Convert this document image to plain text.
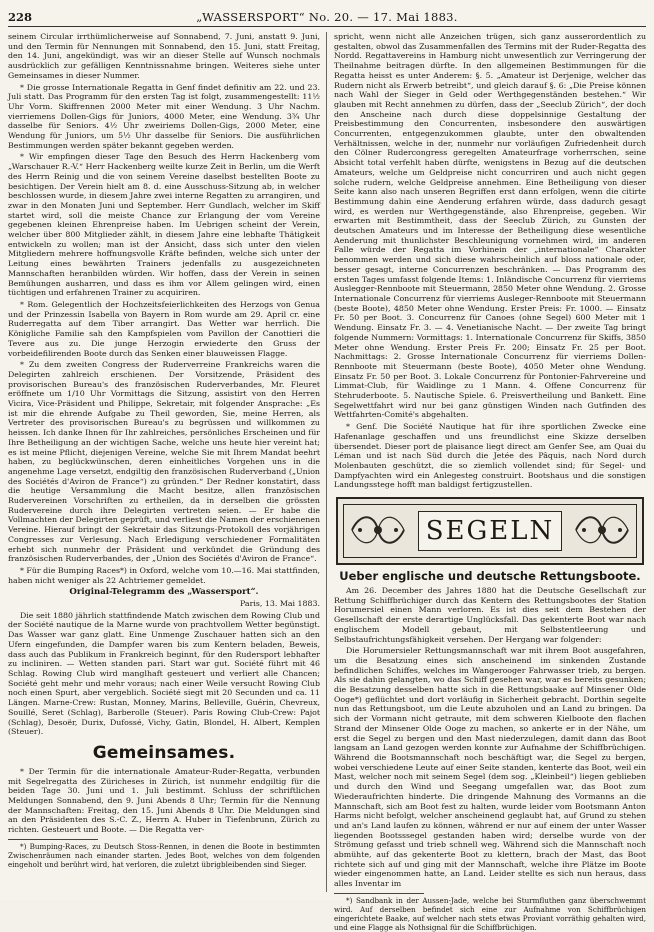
228	„WASSERSPORT“ No. 20. — 17. Mai 1883.

seinem Circular irrthümlicherweise auf Sonnabend, 7. Juni, anstatt 9. Juni, und den Termin für Nennungen mit Sonnabend, den 15. Juni, statt Freitag, den 14. Juni, angekündigt, was wir an dieser Stelle auf Wunsch nochmals ausdrücklich zur gefälligen Kenntnissnahme bringen. Weiteres siehe unter Gemeinsames in dieser Nummer.

* Die grosse Internationale Regatta in Genf findet definitiv am 22. und 23. Juli statt. Das Programm für den ersten Tag ist folgt, zusammengestellt: 11½ Uhr Vorm. Skiffrennen 2000 Meter mit einer Wendung. 3 Uhr Nachm. vierriemens Dollen-Gigs für Juniors, 4000 Meter, eine Wendung. 3¾ Uhr dasselbe für Seniors. 4½ Uhr zweiriems Dollen-Gigs, 2000 Meter, eine Wendung für Juniors, um 5½ Uhr dasselbe für Seniors. Die ausführlichen Bestimmungen werden später bekannt gegeben werden.

* Wir empfingen dieser Tage den Besuch des Herrn Hackenberg vom „Warschauer R.-V.“ Herr Hackenberg weilte kurze Zeit in Berlin, um die Werft des Herrn Reinig und die von seinem Vereine daselbst bestellten Boote zu besichtigen. Der Verein hielt am 8. d. eine Ausschuss-Sitzung ab, in welcher beschlossen wurde, in diesem Jahre zwei interne Regatten zu arrangiren, und zwar in den Monaten Juni und September. Herr Gundlach, welcher im Skiff startet wird, soll die meiste Chance zur Erlangung der vom Vereine gegebenen kleinen Ehrenpreise haben. Im Uebrigen scheint der Verein, welcher über 800 Mitglieder zählt, in diesem Jahre eine lebhafte Thätigkeit entwickeln zu wollen; man ist der Ansicht, dass sich unter den vielen Mitgliedern mehrere hoffnungsvolle Kräfte befinden, welche sich unter der Leitung eines bewährten Trainers jedenfalls zu ausgezeichneten Mannschaften heranbilden würden. Wir hoffen, dass der Verein in seinen Bemühungen ausharren, und dass es ihm vor Allem gelingen wird, einen tüchtigen und erfahrenen Trainer zu acquiriren.

* Rom. Gelegentlich der Hochzeitsfeierlichkeiten des Herzogs von Genua und der Prinzessin Isabella von Bayern in Rom wurde am 29. April cr. eine Ruderregatta auf dem Tiber arrangirt. Das Wetter war herrlich. Die Königliche Familie sah den Kampfspielen vom Pavillon der Canottieri die Tevere aus zu. Die junge Herzogin erwiederte den Gruss der vorbeidefilirenden Boote durch das Senken einer blauweissen Flagge.

* Zu dem zweiten Congress der Ruderverreine Frankreichs waren die Delegirten zahlreich erschienen. Der Vorsitzende, Präsident des provisorischen Bureau's des französischen Ruderverbandes, Mr. Fleuret eröffnete um 1/10 Uhr Vormittags die Sitzung, assistirt von den Herren Vicira, Vice-Präsident und Philippe, Sekretair, mit folgender Ansprache: „Es ist mir die ehrende Aufgabe zu Theil geworden, Sie, meine Herren, als Vertreter des provisorischen Bureau's zu begrüssen und willkommen zu heissen. Ich danke Ihnen für Ihr zahlreiches, persönliches Erscheinen und für Ihre Betheiligung an der wichtigen Sache, welche uns heute hier vereint hat; es ist meine Pflicht, diejenigen Vereine, welche Sie mit Ihrem Mandat beehrt haben, zu beglückwünschen, deren einheitliches Vorgehen uns in die angenehme Lage versetzt, endgiltig den französischen Ruderverband („Union des Sociétés d'Aviron de France“) zu gründen.“ Der Redner konstatirt, dass die heutige Versammlung die Macht besitze, allen französischen Rudervereinen Vorschriften zu ertheilen, da in derselben die grössten Rudervereine durch ihre Delegirten vertreten seien. — Er habe die Vollmachten der Delegirten geprüft, und verliest die Namen der erschienenen Vereine. Hierauf bringt der Sekretair das Sitzungs-Protokoll des vorjährigen Congresses zur Verlesung. Nach Erledigung verschiedener Formalitäten erhebt sich nunmehr der Präsident und verkündet die Gründung des französischen Ruderverbandes, der „Union des Sociétés d'Aviron de France“.

* Für die Bumping Races*) in Oxford, welche vom 10.—16. Mai stattfinden, haben nicht weniger als 22 Achtriemer gemeldet.

Original-Telegramm des „Wassersport“.

Paris, 13. Mai 1883.

Die seit 1880 jährlich stattfindende Match zwischen dem Rowing Club und der Société nautique de la Marne wurde von prachtvollem Wetter begünstigt. Das Wasser war ganz glatt. Eine Unmenge Zuschauer hatten sich an den Ufern eingefunden, die Dampfer waren bis zum Kentern beladen, Beweis, dass auch das Publikum in Frankreich beginnt, für den Rudersport lebhafter zu incliniren. — Wetten standen pari. Start war gut. Société führt mit 46 Schlag. Rowing Club wird manglhaft gesteuert und verliert alle Chancen; Société geht mehr und mehr voraus; nach einer Weile versucht Rowing Club noch einen Spurt, aber vergeblich. Société siegt mit 20 Secunden und ca. 11 Längen. Marne-Crew: Rustan, Monney, Marins, Belleville, Guérin, Chevreux, Souillé, Seret (Schlag), Barberolle (Steuer). Paris Rowing Club-Crew: Pajot (Schlag), Desoër, Durix, Dufossé, Vichy, Gatin, Blondel, H. Albert, Kemplen (Steuer).

Gemeinsames.

* Der Termin für die internationale Amateur-Ruder-Regatta, verbunden mit Segelregatta des Züricheses in Zürich, ist nunmehr endgiltig für die beiden Tage 30. Juni und 1. Juli bestimmt. Schluss der schriftlichen Meldungen Sonnabend, den 9. Juni Abends 8 Uhr; Termin für die Nennung der Mannschaften: Freitag, den 15. Juni Abends 8 Uhr. Die Meldungen sind an den Präsidenten des S.-C. Z., Herrn A. Huber in Tiefenbrunn, Zürich zu richten. Gesteuert und Boote. — Die Regatta ver-

*) Bumping-Races, zu Deutsch Stoss-Rennen, in denen die Boote in bestimmten Zwischenräumen nach einander starten. Jedes Boot, welches von dem folgenden eingeholt und berührt wird, hat verloren, die zuletzt übrigbleibenden sind Sieger.

spricht, wenn nicht alle Anzeichen trügen, sich ganz ausserordentlich zu gestalten, obwol das Zusammenfallen des Termins mit der Ruder-Regatta des Nordd. Regattavereins in Hamburg nicht unwesentlich zur Verringerung der Theilnahme beitragen dürfte. In den allgemeinen Bestimmungen für die Regatta heisst es unter Anderem: §. 5. „Amateur ist Derjenige, welcher das Rudern nicht als Erwerb betreibt“, und gleich darauf §. 6: „Die Preise können nach Wahl der Sieger in Geld oder Werthgegenständen bestehen.“ Wir glauben mit Recht annehmen zu dürfen, dass der „Seeclub Zürich“, der doch den Anscheine nach durch diese doppelsinnige Gestaltung der Preisbestimmung den Concurrenten, insbesondere den auswärtigen Concurrenten, entgegenzukommen glaubte, unter den obwaltenden Verhältnissen, welche in der, nunmehr nur vorläufigen Zufriedenheit durch den Cölner Rudercongress geregelten Amateurfrage vorherrschen, seine Absicht total verfehlt haben dürfte, wenigstens in Bezug auf die deutschen Amateurs, welche um Geldpreise nicht concurriren und auch nicht gegen solche rudern, welche Geldpreise annehmen. Eine Betheiligung von dieser Seite kann also nach unseren Begriffen erst dann erfolgen, wenn die citirte Bestimmung dahin eine Aenderung erfahren würde, dass dadurch gesagt wird, es werden nur Werthgegenstände, also Ehrenpreise, gegeben. Wir erwarten mit Bestimmtheit, dass der Seeclub Zürich, zu Gunsten der deutschen Amateurs und im Interesse der Betheiligung diese wesentliche Aenderung mit thunlichster Beschleunigung vornehmen wird, im anderen Falle würde der Regatta im Vorhinein der „internationale“ Charakter benommen werden und sich diese wahrscheinlich auf bloss nationale oder, besser gesagt, interne Concurrenzen beschränken. — Das Programm des ersten Tages umfasst folgende Items: 1. Inländische Concurrenz für vierriems Auslegger-Rennboote mit Steuermann, 2850 Meter ohne Wendung. 2. Grosse Internationale Concurrenz für vierriems Ausleger-Rennboote mit Steuermann (beste Boote), 4850 Meter ohne Wendung. Erster Preis: Fr. 1000. — Einsatz Fr. 50 per Boot. 3. Concurrenz für Canoes (ohne Segel) 600 Meter mit 1 Wendung. Einsatz Fr. 3. — 4. Venetianische Nacht. — Der zweite Tag bringt folgende Nummern: Vormittags: 1. Internationale Concurrenz für Skiffs, 3850 Meter ohne Wendung. Erster Preis Fr. 200; Einsatz Fr. 25 per Boot. Nachmittags: 2. Grosse Internationale Concurrenz für vierriems Dollen-Rennboote mit Steuermann (beste Boote), 4050 Meter ohne Wendung. Einsatz Fr. 50 per Boot. 3. Lokale Concurrenz für Pontonier-Fahrvereine und Limmat-Club, für Waidlinge zu 1 Mann. 4. Offene Concurrenz für Stehruderboote. 5. Nautische Spiele. 6. Preisvertheilung und Bankett. Eine Segelwettfahrt wird nur bei ganz günstigen Winden nach Gutfinden des Wettfahrten-Comité's abgehalten.

* Genf. Die Société Nautique hat für ihre sportlichen Zwecke eine Hafenanlage geschaffen und uns freundlichst eine Skizze derselben übersendet. Dieser port de plaisance liegt direct am Genfer See, am Quai du Léman und ist nach Süd durch die Jetée des Pâquis, nach Nord durch Molenbauten geschützt, die so ziemlich vollendet sind; für Segel- und Dampfyachten wird ein Anlegesteg construirt. Bootshaus und die sonstigen Landungsstege hofft man baldigst fertigzustellen.

SEGELN
Ueber englische und deutsche Rettungsboote.

Am 26. December des Jahres 1880 hat die Deutsche Gesellschaft zur Rettung Schiffbrüchiger durch das Kentern des Rettungsbootes der Station Horumersiel einen Mann verloren. Es ist dies seit dem Bestehen der Gesellschaft der erste derartige Unglücksfall. Das gekenterte Boot war nach englischem Modell gebaut, mit Selbstentleerung und Selbstaufrichtungsfähigkeit versehen. Der Hergang war folgender:

Die Horumersieler Rettungsmannschaft war mit ihrem Boot ausgefahren, um die Besatzung eines sich anscheinend im sinkenden Zustande befindlichen Schiffes, welches im Wangerooger Fahrwasser trieb, zu bergen. Als sie dahin gelangten, wo das Schiff gesehen war, war es bereits gesunken; die Besatzung desselben hatte sich in die Rettungsbaake auf Minsener Olde Ooge*) geflüchtet und dort vorläufig in Sicherheit gebracht. Dorthin segelte nun das Rettungsboot, um die Leute abzuholen und an Land zu bringen. Da sich der Vormann nicht getraute, mit dem schweren Kielboote den flachen Strand der Minsener Olde Ooge zu machen, so ankerte er in der Nähe, um erst die Segel zu bergen und den Mast niederzulegen, damit dann das Boot langsam an Land gezogen werden konnte zur Aufnahme der Schiffbrüchigen. Während die Bootsmannschaft noch beschäftigt war, die Segel zu bergen, wobei verschiedene Leute auf einer Seite standen, kenterte das Boot, weil ein Mast, welcher noch mit seinem Segel (dem sog. „Kleinbeil“) liegen geblieben und durch den Wind und Seegang umgefallen war, das Boot zum Wiederaufrichten hinderte. Die dringende Mahnung des Vormanns an die Mannschaft, sich am Boot fest zu halten, wurde leider vom Bootsmann Anton Harms nicht befolgt, welcher anscheinend geglaubt hat, auf Grund zu stehen und an's Land laufen zu können, während er nur auf einem der unter Wasser liegenden Bootsssegel gestanden haben wird; derselbe wurde von der Strömung gefasst und trieb schnell weg. Während sich die Mannschaft noch abmühte, auf das gekenterte Boot zu klettern, brach der Mast, das Boot richtete sich auf und ging mit der Mannschaft, welche ihre Plätze im Boote wieder eingenommen hatte, an Land. Leider stellte es sich nun heraus, dass alles Inventar im

*) Sandbank in der Aussen-Jade, welche bei Sturmfluthen ganz überschwemmt wird. Auf derselben befindet sich eine zur Aufnahme von Schiffbrüchigen eingerichtete Baake, auf welcher nach stets etwas Proviant vorräthig gehalten wird, und eine Flagge als Nothsignal für die Schiffbrüchigen.
